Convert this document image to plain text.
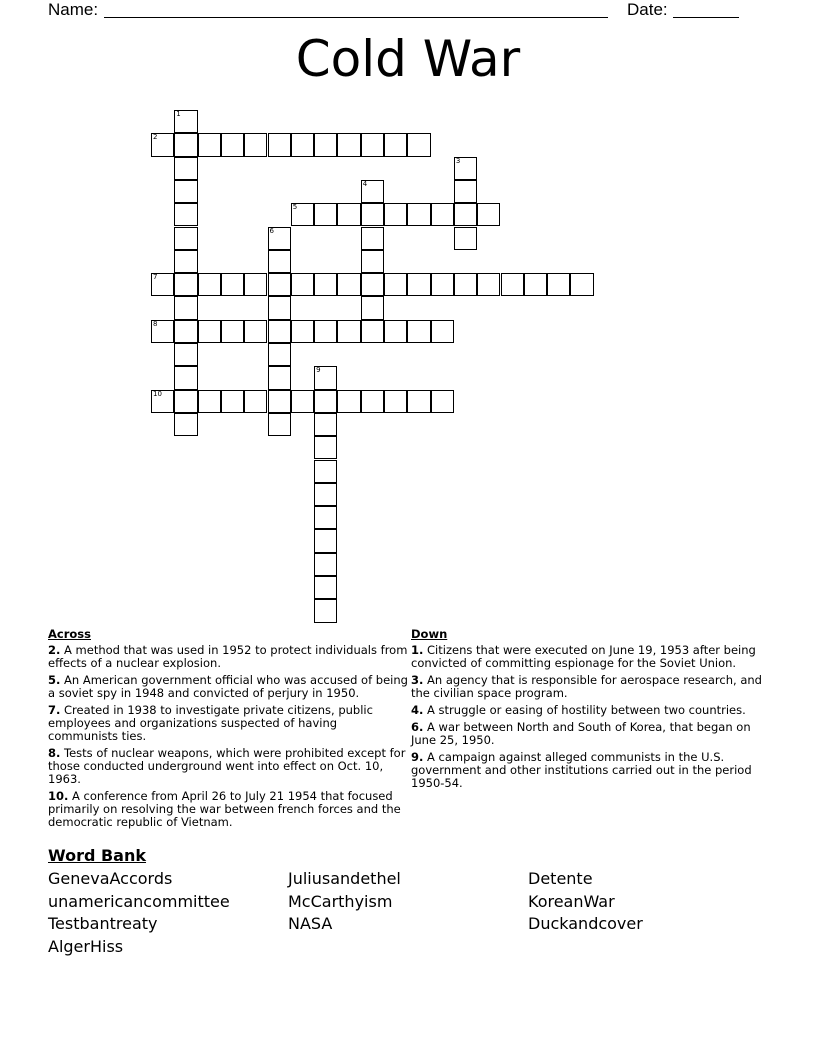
Name:	Date:
Cold War
1
2
3
4
5
6
7
8
9
10
Across
2. A method that was used in 1952 to protect individuals from effects of a nuclear explosion.
5. An American government official who was accused of being a soviet spy in 1948 and convicted of perjury in 1950.
7. Created in 1938 to investigate private citizens, public employees and organizations suspected of having communists ties.
8. Tests of nuclear weapons, which were prohibited except for those conducted underground went into effect on Oct. 10, 1963.
10. A conference from April 26 to July 21 1954 that focused primarily on resolving the war between french forces and the democratic republic of Vietnam.
Down
1. Citizens that were executed on June 19, 1953 after being convicted of committing espionage for the Soviet Union.
3. An agency that is responsible for aerospace research, and the civilian space program.
4. A struggle or easing of hostility between two countries.
6. A war between North and South of Korea, that began on June 25, 1950.
9. A campaign against alleged communists in the U.S. government and other institutions carried out in the period 1950-54.
Word Bank
GenevaAccords
unamericancommittee
Testbantreaty
AlgerHiss
Juliusandethel
McCarthyism
NASA
Detente
KoreanWar
Duckandcover
